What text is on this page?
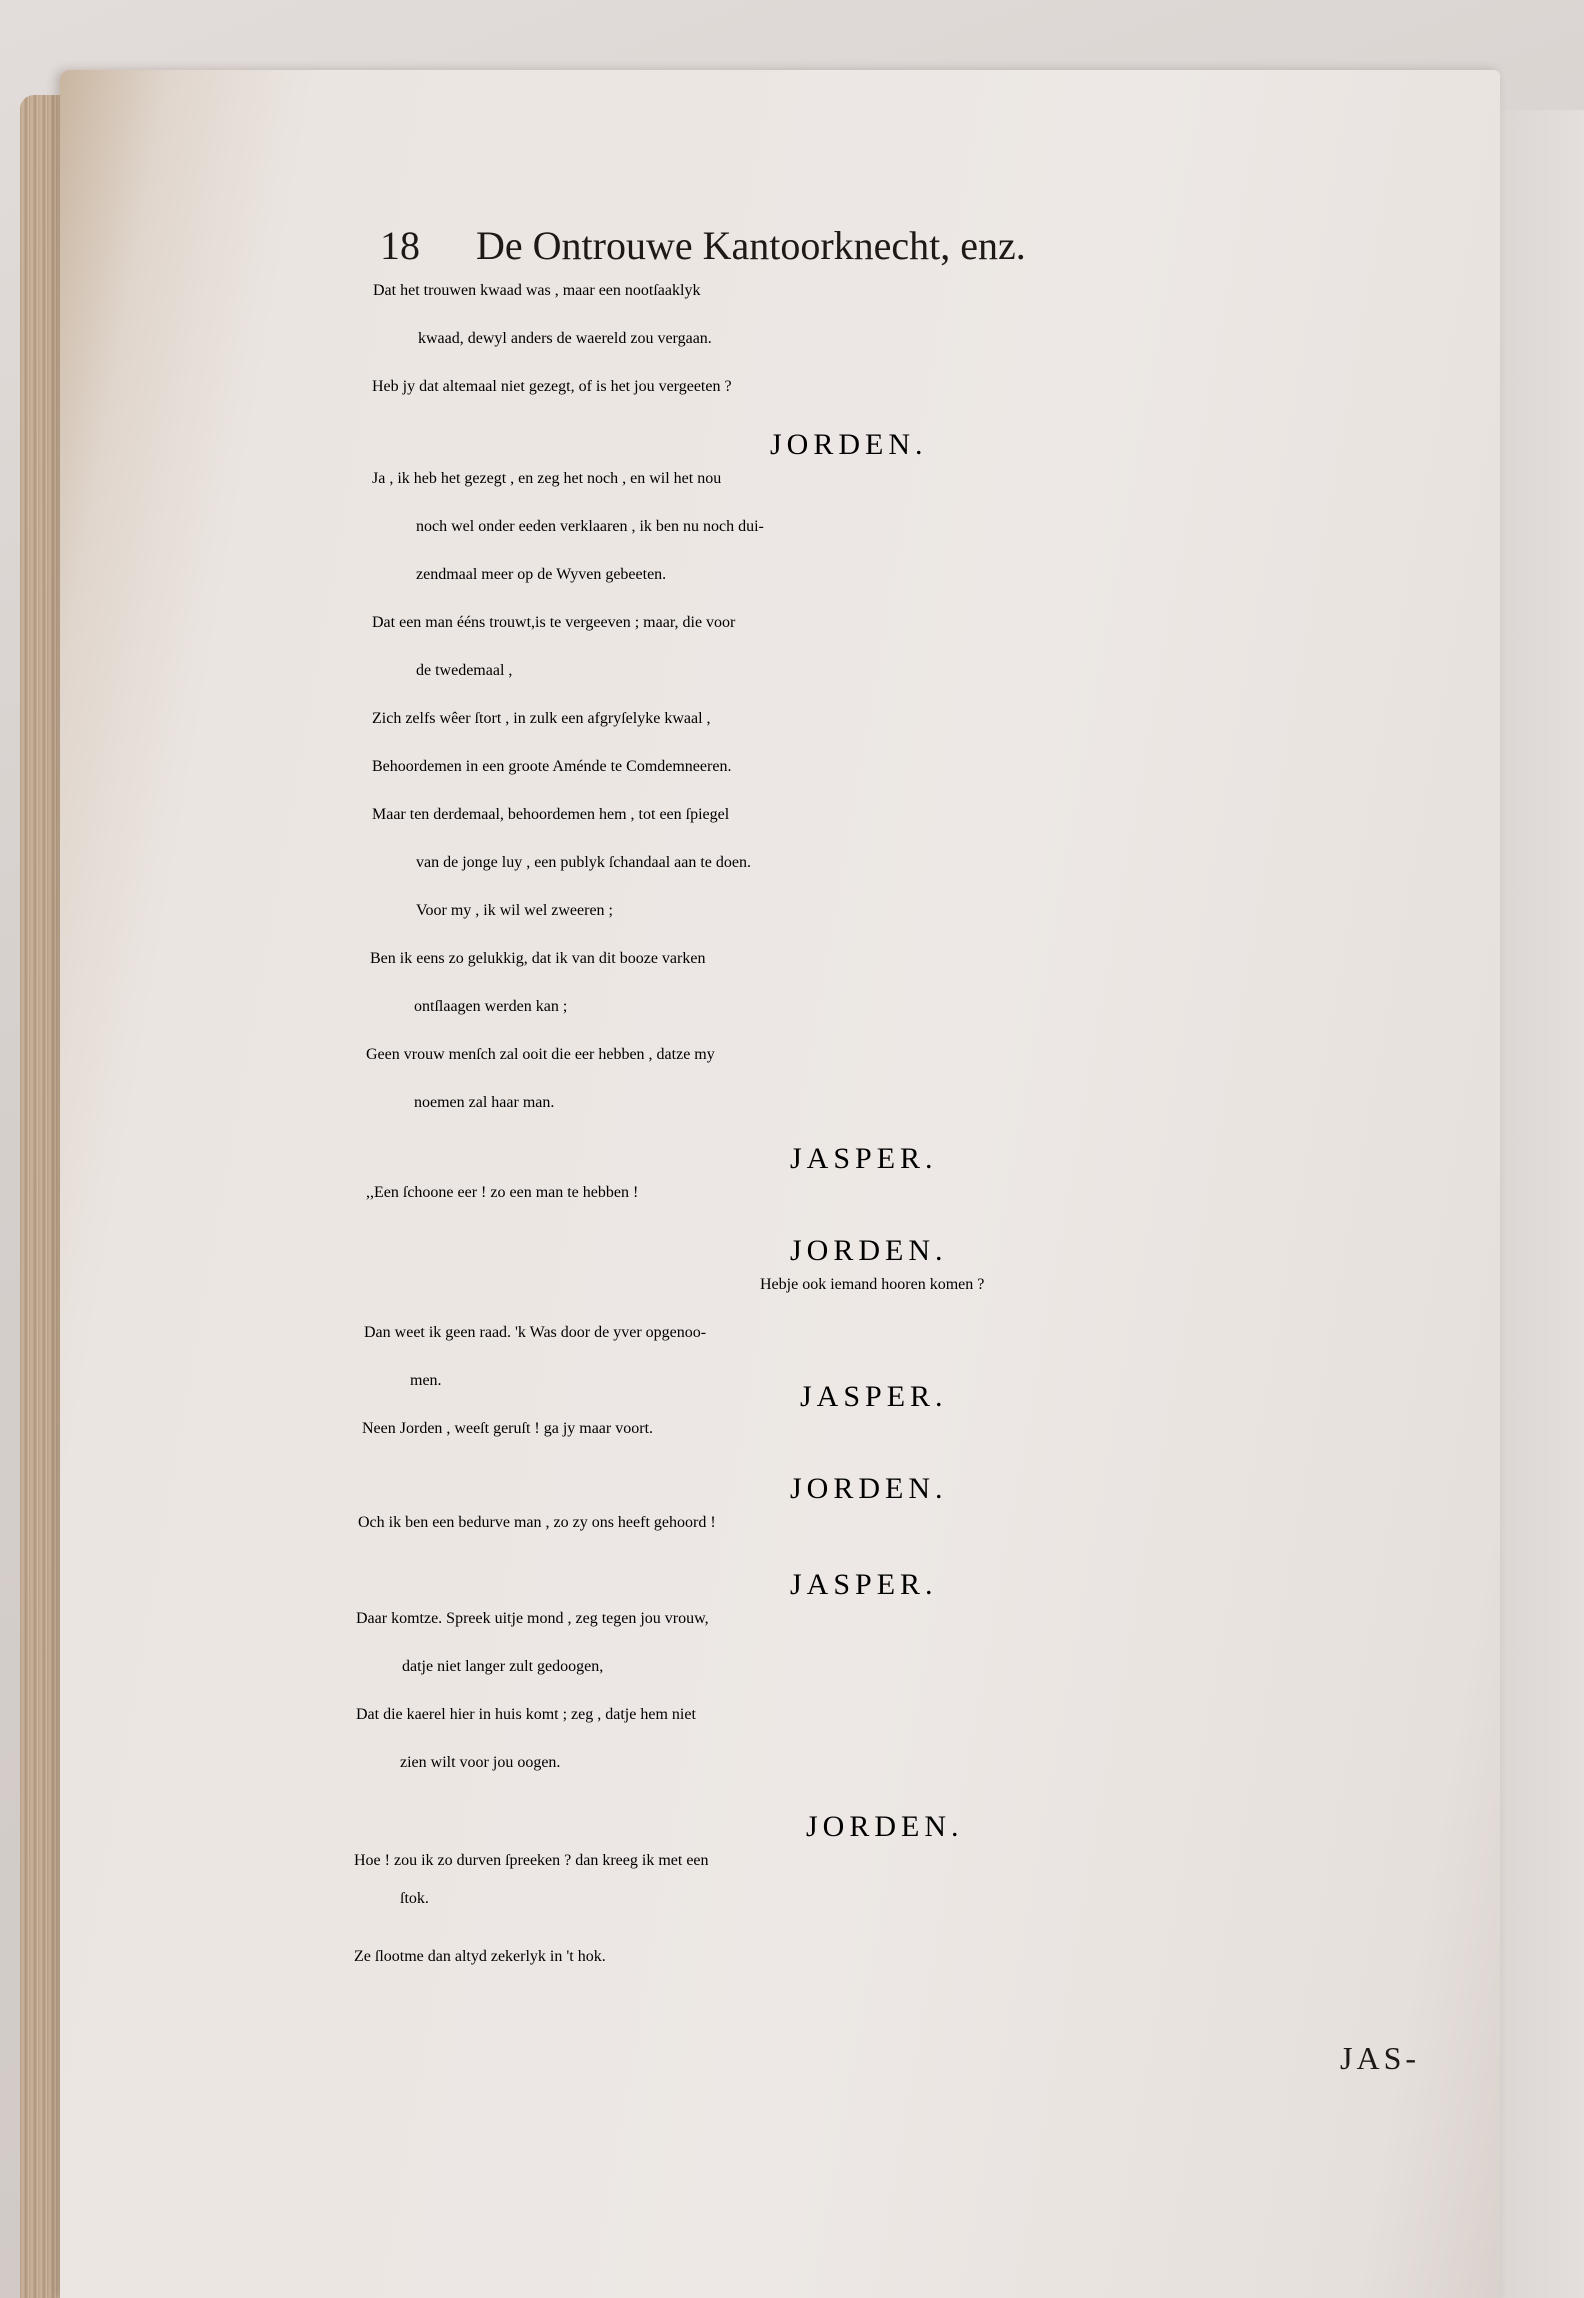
18 De Ontrouwe Kantoorknecht, enz.
Dat het trouwen kwaad was , maar een nootſaaklyk
kwaad, dewyl anders de waereld zou vergaan.
Heb jy dat altemaal niet gezegt, of is het jou vergeeten ?
JORDEN.
Ja , ik heb het gezegt , en zeg het noch , en wil het nou
noch wel onder eeden verklaaren , ik ben nu noch dui-
zendmaal meer op de Wyven gebeeten.
Dat een man ééns trouwt,is te vergeeven ; maar, die voor
de twedemaal ,
Zich zelfs wêer ſtort , in zulk een afgryſelyke kwaal ,
Behoordemen in een groote Aménde te Comdemneeren.
Maar ten derdemaal, behoordemen hem , tot een ſpiegel
van de jonge luy , een publyk ſchandaal aan te doen.
Voor my , ik wil wel zweeren ;
Ben ik eens zo gelukkig, dat ik van dit booze varken
ontſlaagen werden kan ;
Geen vrouw menſch zal ooit die eer hebben , datze my
noemen zal haar man.
JASPER.
,,Een ſchoone eer ! zo een man te hebben !
JORDEN.
Hebje ook iemand hooren komen ?
Dan weet ik geen raad. 'k Was door de yver opgenoo-
men.	JASPER.
Neen Jorden , weeſt geruſt ! ga jy maar voort.
JORDEN.
Och ik ben een bedurve man , zo zy ons heeft gehoord !
JASPER.
Daar komtze. Spreek uitje mond , zeg tegen jou vrouw,
datje niet langer zult gedoogen,
Dat die kaerel hier in huis komt ; zeg , datje hem niet
zien wilt voor jou oogen.
JORDEN.
Hoe ! zou ik zo durven ſpreeken ? dan kreeg ik met een
ſtok.
Ze ſlootme dan altyd zekerlyk in 't hok.
JAS-
